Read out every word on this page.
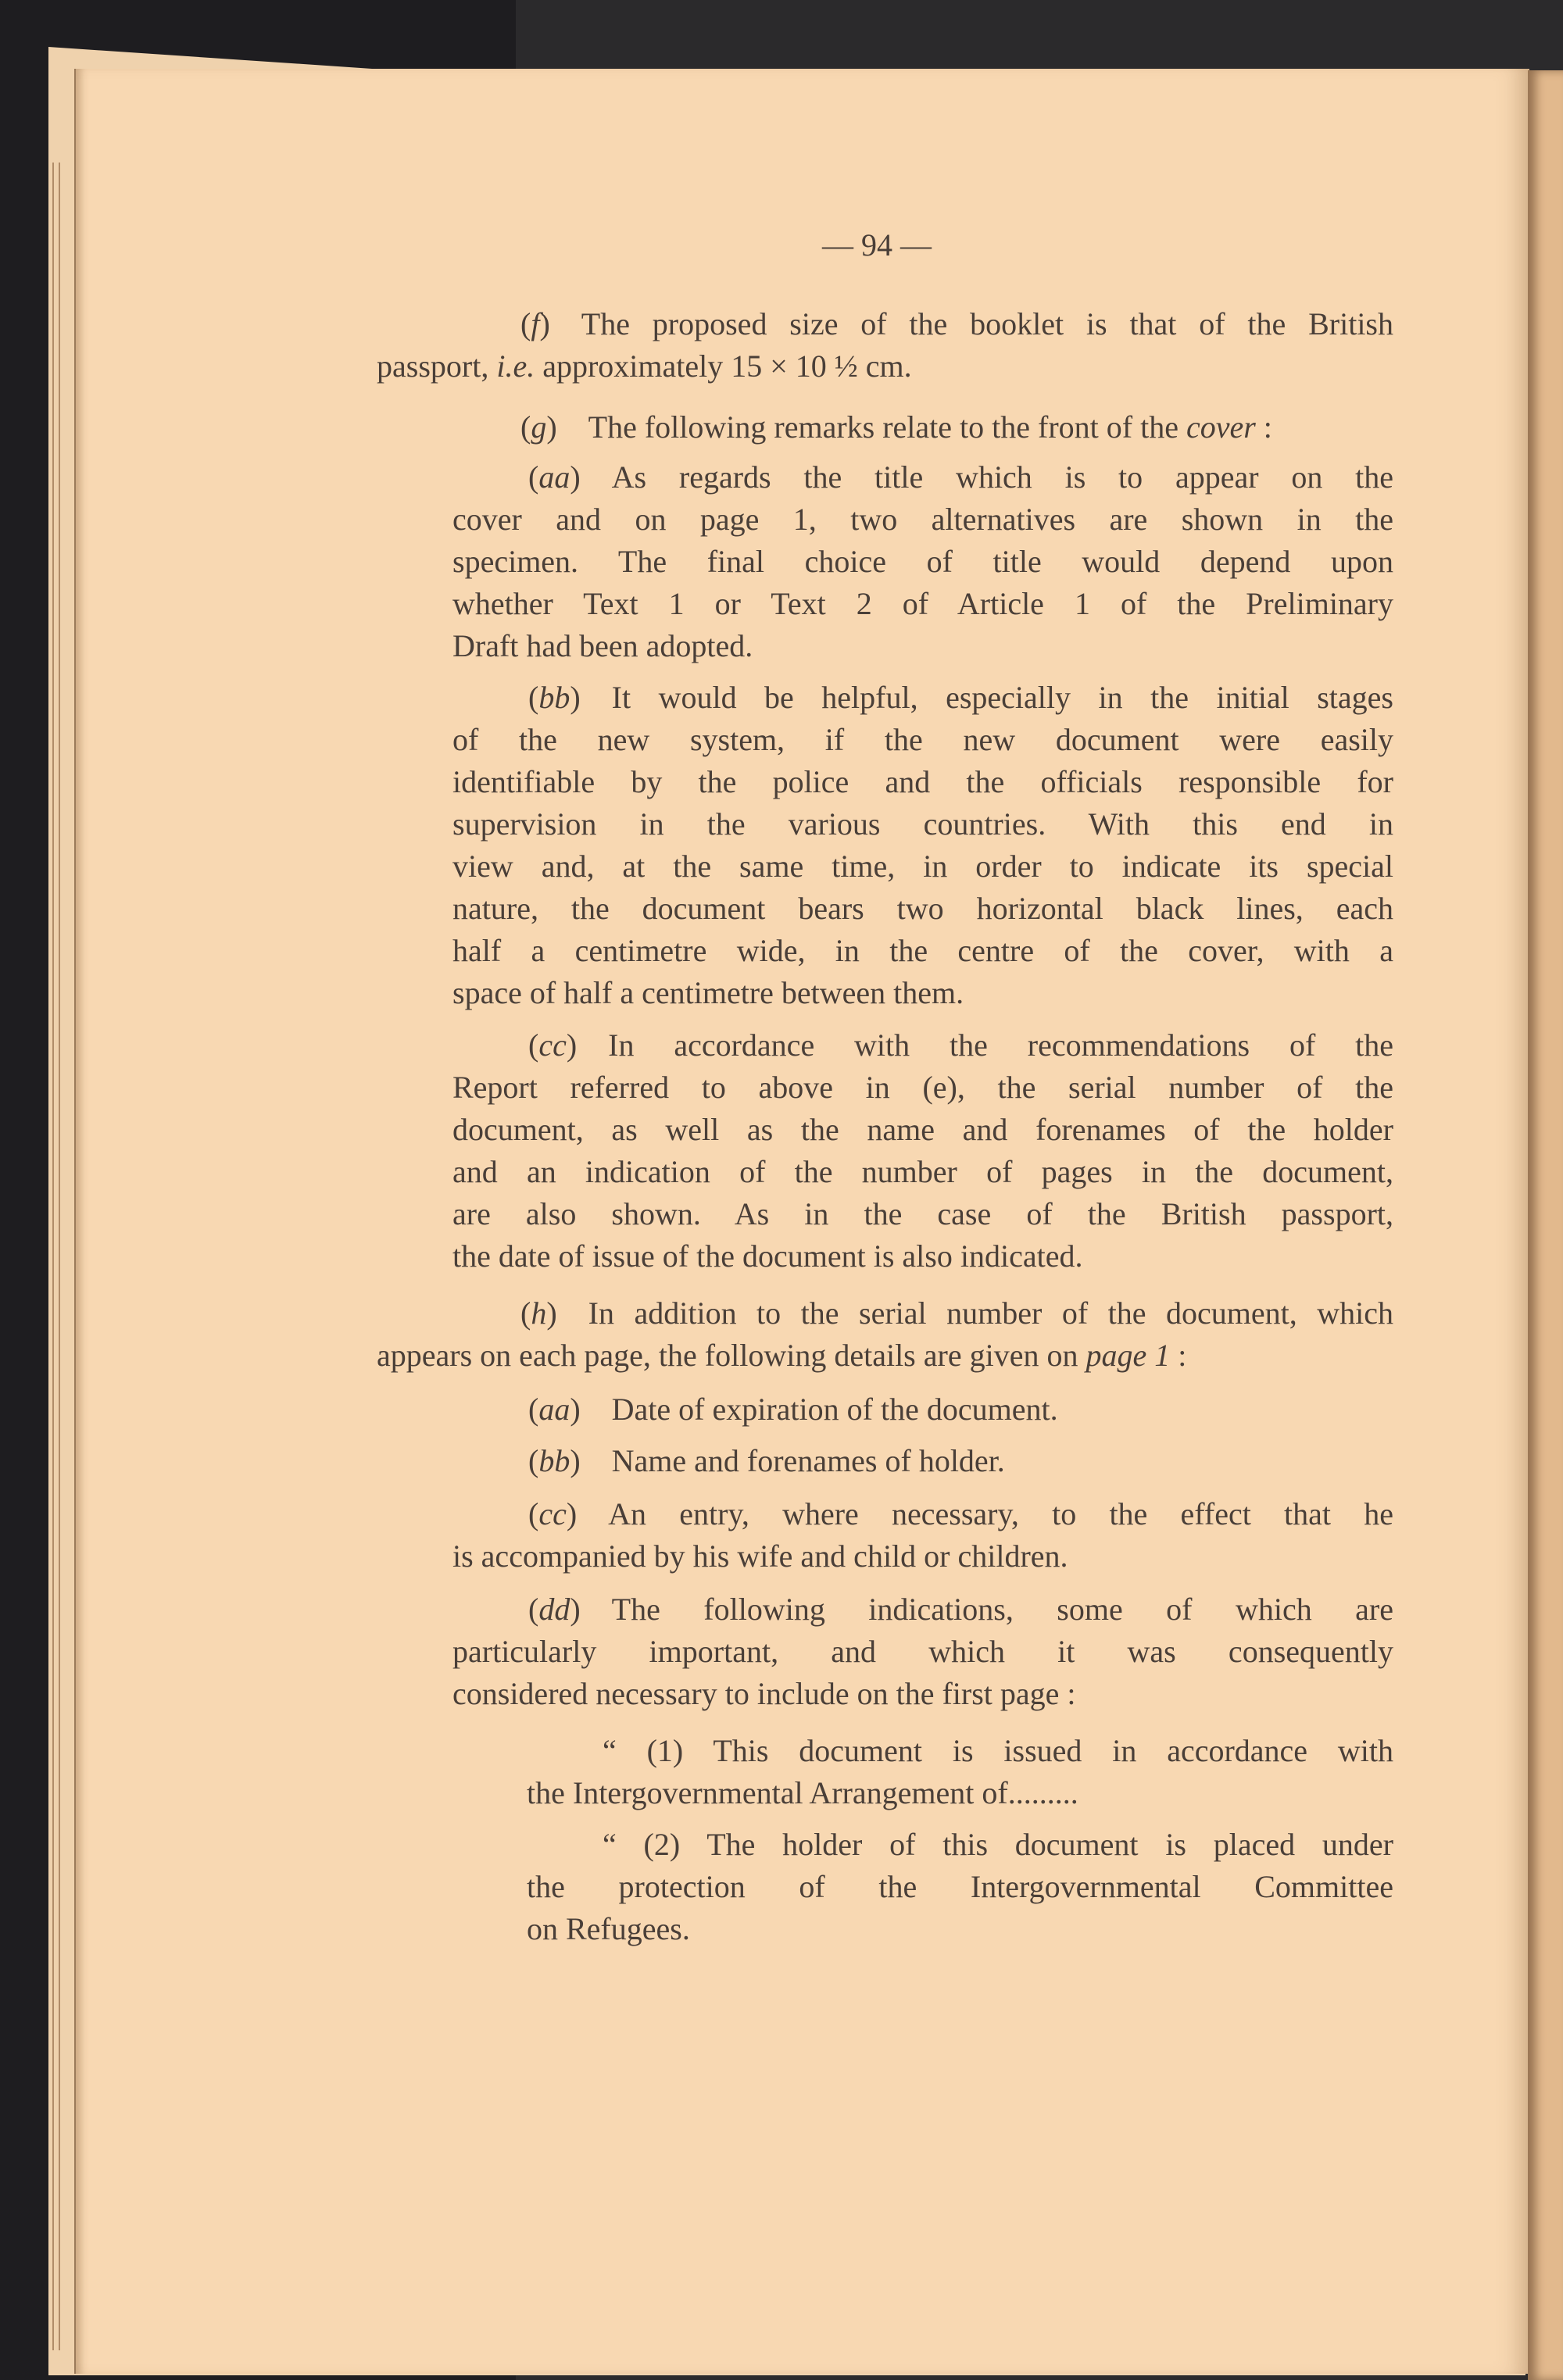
— 94 —
(f) The proposed size of the booklet is that of the British
passport, i.e. approximately 15 × 10 ½ cm.
(g) The following remarks relate to the front of the cover :
(aa) As regards the title which is to appear on the
cover and on page 1, two alternatives are shown in the
specimen. The final choice of title would depend upon
whether Text 1 or Text 2 of Article 1 of the Preliminary
Draft had been adopted.
(bb) It would be helpful, especially in the initial stages
of the new system, if the new document were easily
identifiable by the police and the officials responsible for
supervision in the various countries. With this end in
view and, at the same time, in order to indicate its special
nature, the document bears two horizontal black lines, each
half a centimetre wide, in the centre of the cover, with a
space of half a centimetre between them.
(cc) In accordance with the recommendations of the
Report referred to above in (e), the serial number of the
document, as well as the name and forenames of the holder
and an indication of the number of pages in the document,
are also shown. As in the case of the British passport,
the date of issue of the document is also indicated.
(h) In addition to the serial number of the document, which
appears on each page, the following details are given on page 1 :
(aa) Date of expiration of the document.
(bb) Name and forenames of holder.
(cc) An entry, where necessary, to the effect that he
is accompanied by his wife and child or children.
(dd) The following indications, some of which are
particularly important, and which it was consequently
considered necessary to include on the first page :
“ (1) This document is issued in accordance with
the Intergovernmental Arrangement of.........
“ (2) The holder of this document is placed under
the protection of the Intergovernmental Committee
on Refugees.
